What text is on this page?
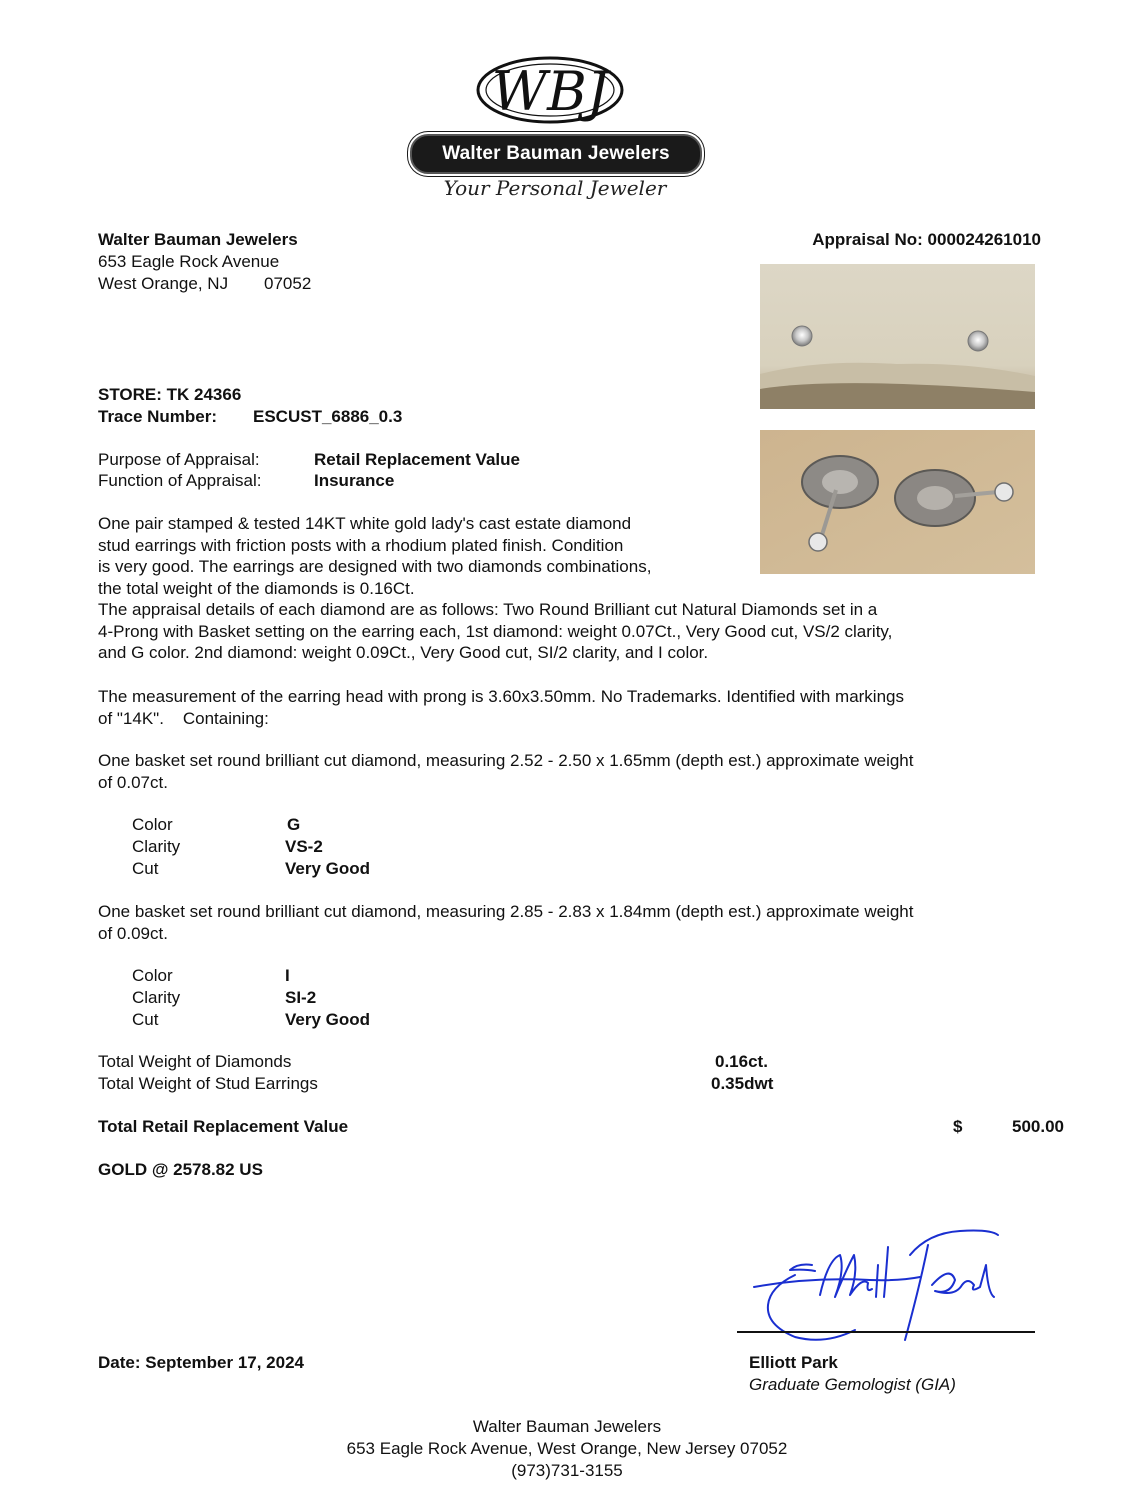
WBJ
Walter Bauman Jewelers
Your Personal Jeweler
Walter Bauman Jewelers
653 Eagle Rock Avenue
West Orange, NJ 07052
Appraisal No: 000024261010
STORE: TK 24366
Trace Number: ESCUST_6886_0.3
Purpose of Appraisal:	Retail Replacement Value
Function of Appraisal:	Insurance
One pair stamped & tested 14KT white gold lady's cast estate diamond
stud earrings with friction posts with a rhodium plated finish. Condition
is very good. The earrings are designed with two diamonds combinations,
the total weight of the diamonds is 0.16Ct.
The appraisal details of each diamond are as follows: Two Round Brilliant cut Natural Diamonds set in a
4-Prong with Basket setting on the earring each, 1st diamond: weight 0.07Ct., Very Good cut, VS/2 clarity,
and G color. 2nd diamond: weight 0.09Ct., Very Good cut, SI/2 clarity, and I color.
The measurement of the earring head with prong is 3.60x3.50mm. No Trademarks. Identified with markings
of "14K".    Containing:
One basket set round brilliant cut diamond, measuring 2.52 - 2.50 x 1.65mm (depth est.) approximate weight
of 0.07ct.
Color	G
Clarity	VS-2
Cut	Very Good
One basket set round brilliant cut diamond, measuring 2.85 - 2.83 x 1.84mm (depth est.) approximate weight
of 0.09ct.
Color	I
Clarity	SI-2
Cut	Very Good
Total Weight of Diamonds	0.16ct.
Total Weight of Stud Earrings	0.35dwt
Total Retail Replacement Value	$	500.00
GOLD @ 2578.82 US
Date: September 17, 2024	Elliott Park
Graduate Gemologist (GIA)
Walter Bauman Jewelers
653 Eagle Rock Avenue, West Orange, New Jersey 07052
(973)731-3155
